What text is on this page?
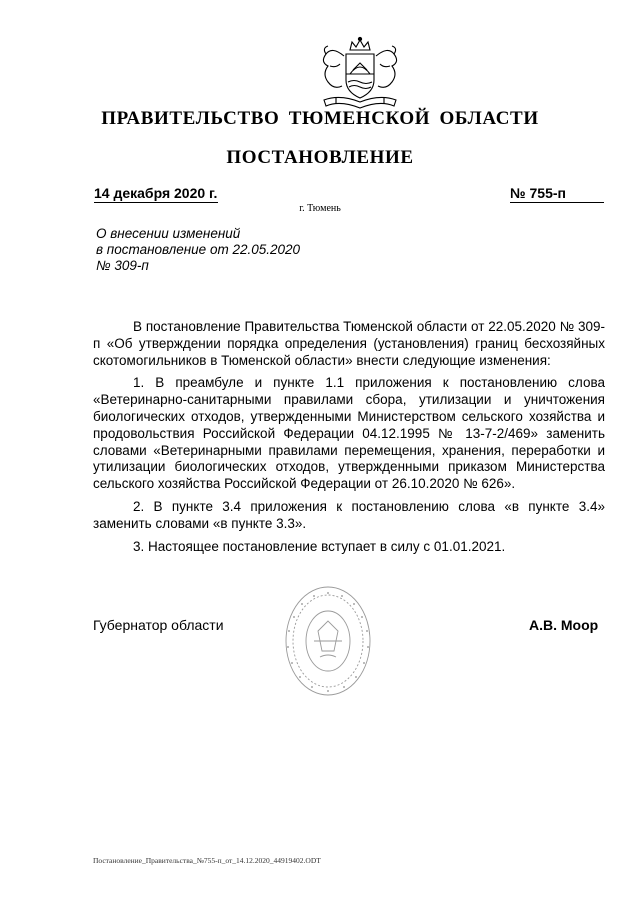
ПРАВИТЕЛЬСТВО ТЮМЕНСКОЙ ОБЛАСТИ
ПОСТАНОВЛЕНИЕ
14 декабря 2020 г.	№ 755-п
г. Тюмень
О внесении изменений
в постановление от 22.05.2020
№ 309-п

В постановление Правительства Тюменской области от 22.05.2020 № 309-п «Об утверждении порядка определения (установления) границ бесхозяйных скотомогильников в Тюменской области» внести следующие изменения:

1. В преамбуле и пункте 1.1 приложения к постановлению слова «Ветеринарно-санитарными правилами сбора, утилизации и уничтожения биологических отходов, утвержденными Министерством сельского хозяйства и продовольствия Российской Федерации 04.12.1995 № 13-7-2/469» заменить словами «Ветеринарными правилами перемещения, хранения, переработки и утилизации биологических отходов, утвержденными приказом Министерства сельского хозяйства Российской Федерации от 26.10.2020 № 626».

2. В пункте 3.4 приложения к постановлению слова «в пункте 3.4» заменить словами «в пункте 3.3».

3. Настоящее постановление вступает в силу с 01.01.2021.

Губернатор области	А.В. Моор
Постановление_Правительства_№755-п_от_14.12.2020_44919402.ODT
